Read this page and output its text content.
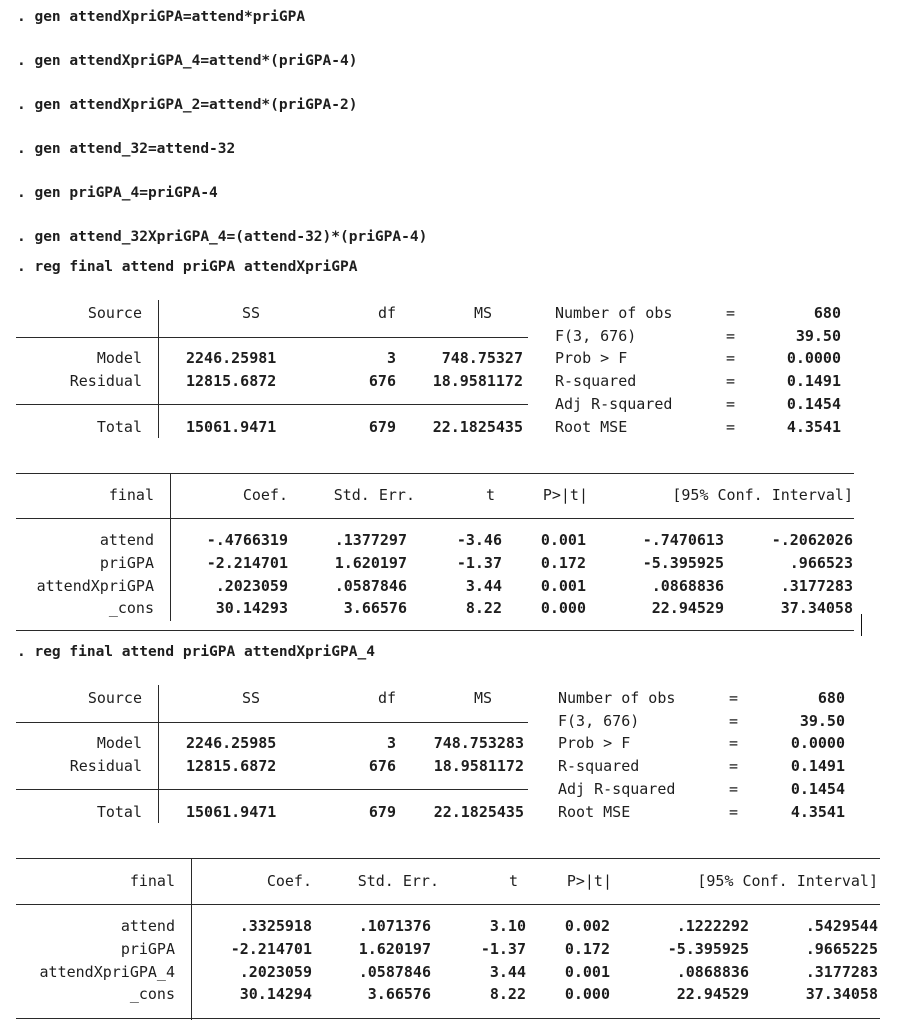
. gen attendXpriGPA=attend*priGPA
. gen attendXpriGPA_4=attend*(priGPA-4)
. gen attendXpriGPA_2=attend*(priGPA-2)
. gen attend_32=attend-32
. gen priGPA_4=priGPA-4
. gen attend_32XpriGPA_4=(attend-32)*(priGPA-4)
. reg final attend priGPA attendXpriGPA
Source	SS	df	MS
Model	2246.25981	3	748.75327
Residual	12815.6872	676	18.9581172
Total	15061.9471	679	22.1825435
Number of obs	=	680
F(3, 676)	=	39.50
Prob > F	=	0.0000
R-squared	=	0.1491
Adj R-squared	=	0.1454
Root MSE	=	4.3541
final	Coef.	Std. Err.	t	P>|t|	[95% Conf. Interval]
attend	-.4766319	.1377297	-3.46	0.001	-.7470613	-.2062026
priGPA	-2.214701	1.620197	-1.37	0.172	-5.395925	.966523
attendXpriGPA	.2023059	.0587846	3.44	0.001	.0868836	.3177283
_cons	30.14293	3.66576	8.22	0.000	22.94529	37.34058
. reg final attend priGPA attendXpriGPA_4
Source	SS	df	MS
Model	2246.25985	3	748.753283
Residual	12815.6872	676	18.9581172
Total	15061.9471	679	22.1825435
Number of obs	=	680
F(3, 676)	=	39.50
Prob > F	=	0.0000
R-squared	=	0.1491
Adj R-squared	=	0.1454
Root MSE	=	4.3541
final	Coef.	Std. Err.	t	P>|t|	[95% Conf. Interval]
attend	.3325918	.1071376	3.10	0.002	.1222292	.5429544
priGPA	-2.214701	1.620197	-1.37	0.172	-5.395925	.9665225
attendXpriGPA_4	.2023059	.0587846	3.44	0.001	.0868836	.3177283
_cons	30.14294	3.66576	8.22	0.000	22.94529	37.34058
